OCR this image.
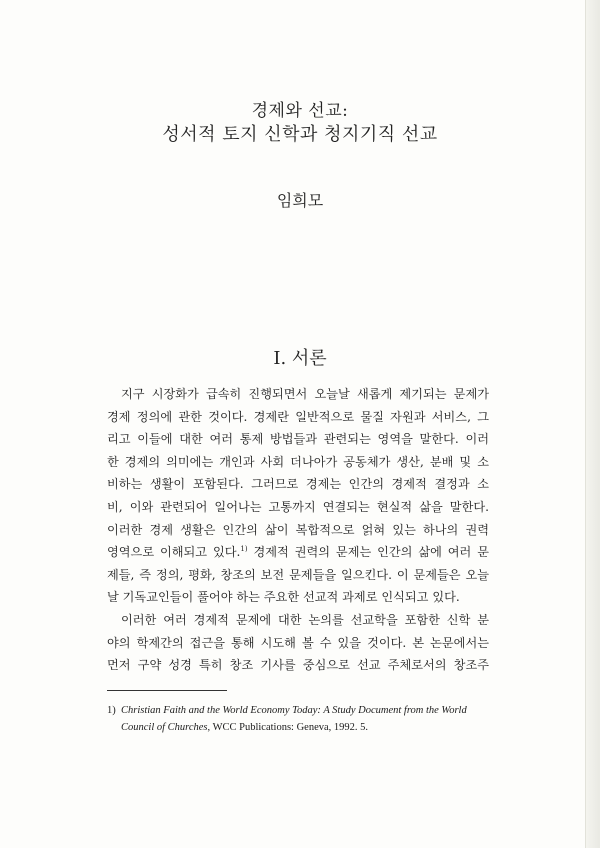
경제와 선교:
성서적 토지 신학과 청지기직 선교
임희모
I. 서론
지구 시장화가 급속히 진행되면서 오늘날 새롭게 제기되는 문제가
경제 정의에 관한 것이다. 경제란 일반적으로 물질 자원과 서비스, 그
리고 이들에 대한 여러 통제 방법들과 관련되는 영역을 말한다. 이러
한 경제의 의미에는 개인과 사회 더나아가 공동체가 생산, 분배 및 소
비하는 생활이 포함된다. 그러므로 경제는 인간의 경제적 결정과 소
비, 이와 관련되어 일어나는 고통까지 연결되는 현실적 삶을 말한다.
이러한 경제 생활은 인간의 삶이 복합적으로 얽혀 있는 하나의 권력
영역으로 이해되고 있다.$^{1)}$ 경제적 권력의 문제는 인간의 삶에 여러 문
제들, 즉 정의, 평화, 창조의 보전 문제들을 일으킨다. 이 문제들은 오늘
날 기독교인들이 풀어야 하는 주요한 선교적 과제로 인식되고 있다.
이러한 여러 경제적 문제에 대한 논의를 선교학을 포함한 신학 분
야의 학제간의 접근을 통해 시도해 볼 수 있을 것이다. 본 논문에서는
먼저 구약 성경 특히 창조 기사를 중심으로 선교 주체로서의 창조주
1) Christian Faith and the World Economy Today: A Study Document from the World
Council of Churches, WCC Publications: Geneva, 1992. 5.
